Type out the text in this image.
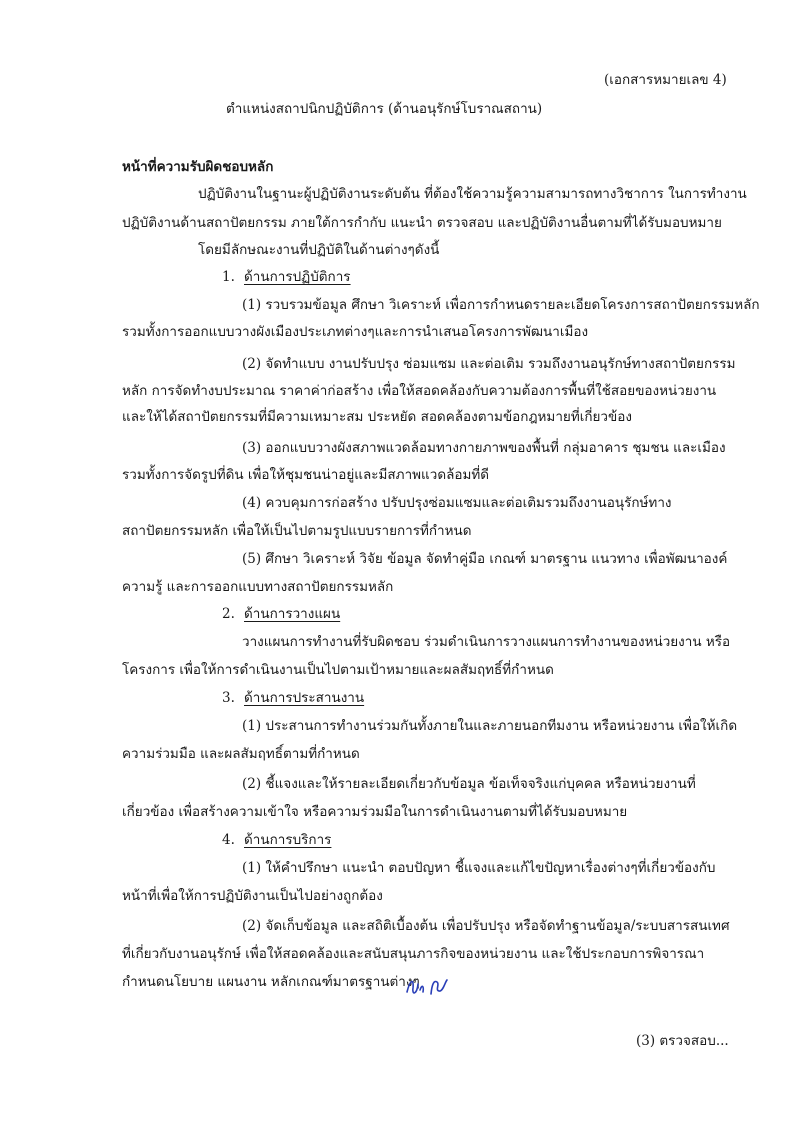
(เอกสารหมายเลข 4)
ตำแหน่งสถาปนิกปฏิบัติการ (ด้านอนุรักษ์โบราณสถาน)
หน้าที่ความรับผิดชอบหลัก
ปฏิบัติงานในฐานะผู้ปฏิบัติงานระดับต้น ที่ต้องใช้ความรู้ความสามารถทางวิชาการ ในการทำงาน
ปฏิบัติงานด้านสถาปัตยกรรม ภายใต้การกำกับ แนะนำ ตรวจสอบ และปฏิบัติงานอื่นตามที่ได้รับมอบหมาย
โดยมีลักษณะงานที่ปฏิบัติในด้านต่างๆดังนี้
1. ด้านการปฏิบัติการ
(1) รวบรวมข้อมูล ศึกษา วิเคราะห์ เพื่อการกำหนดรายละเอียดโครงการสถาปัตยกรรมหลัก
รวมทั้งการออกแบบวางผังเมืองประเภทต่างๆและการนำเสนอโครงการพัฒนาเมือง
(2) จัดทำแบบ งานปรับปรุง ซ่อมแซม และต่อเติม รวมถึงงานอนุรักษ์ทางสถาปัตยกรรม
หลัก การจัดทำงบประมาณ ราคาค่าก่อสร้าง เพื่อให้สอดคล้องกับความต้องการพื้นที่ใช้สอยของหน่วยงาน
และให้ได้สถาปัตยกรรมที่มีความเหมาะสม ประหยัด สอดคล้องตามข้อกฎหมายที่เกี่ยวข้อง
(3) ออกแบบวางผังสภาพแวดล้อมทางกายภาพของพื้นที่ กลุ่มอาคาร ชุมชน และเมือง
รวมทั้งการจัดรูปที่ดิน เพื่อให้ชุมชนน่าอยู่และมีสภาพแวดล้อมที่ดี
(4) ควบคุมการก่อสร้าง ปรับปรุงซ่อมแซมและต่อเติมรวมถึงงานอนุรักษ์ทาง
สถาปัตยกรรมหลัก เพื่อให้เป็นไปตามรูปแบบรายการที่กำหนด
(5) ศึกษา วิเคราะห์ วิจัย ข้อมูล จัดทำคู่มือ เกณฑ์ มาตรฐาน แนวทาง เพื่อพัฒนาองค์
ความรู้ และการออกแบบทางสถาปัตยกรรมหลัก
2. ด้านการวางแผน
วางแผนการทำงานที่รับผิดชอบ ร่วมดำเนินการวางแผนการทำงานของหน่วยงาน หรือ
โครงการ เพื่อให้การดำเนินงานเป็นไปตามเป้าหมายและผลสัมฤทธิ์ที่กำหนด
3. ด้านการประสานงาน
(1) ประสานการทำงานร่วมกันทั้งภายในและภายนอกทีมงาน หรือหน่วยงาน เพื่อให้เกิด
ความร่วมมือ และผลสัมฤทธิ์ตามที่กำหนด
(2) ชี้แจงและให้รายละเอียดเกี่ยวกับข้อมูล ข้อเท็จจริงแก่บุคคล หรือหน่วยงานที่
เกี่ยวข้อง เพื่อสร้างความเข้าใจ หรือความร่วมมือในการดำเนินงานตามที่ได้รับมอบหมาย
4. ด้านการบริการ
(1) ให้คำปรึกษา แนะนำ ตอบปัญหา ชี้แจงและแก้ไขปัญหาเรื่องต่างๆที่เกี่ยวข้องกับ
หน้าที่เพื่อให้การปฏิบัติงานเป็นไปอย่างถูกต้อง
(2) จัดเก็บข้อมูล และสถิติเบื้องต้น เพื่อปรับปรุง หรือจัดทำฐานข้อมูล/ระบบสารสนเทศ
ที่เกี่ยวกับงานอนุรักษ์ เพื่อให้สอดคล้องและสนับสนุนภารกิจของหน่วยงาน และใช้ประกอบการพิจารณา
กำหนดนโยบาย แผนงาน หลักเกณฑ์มาตรฐานต่างๆ
(3) ตรวจสอบ...
